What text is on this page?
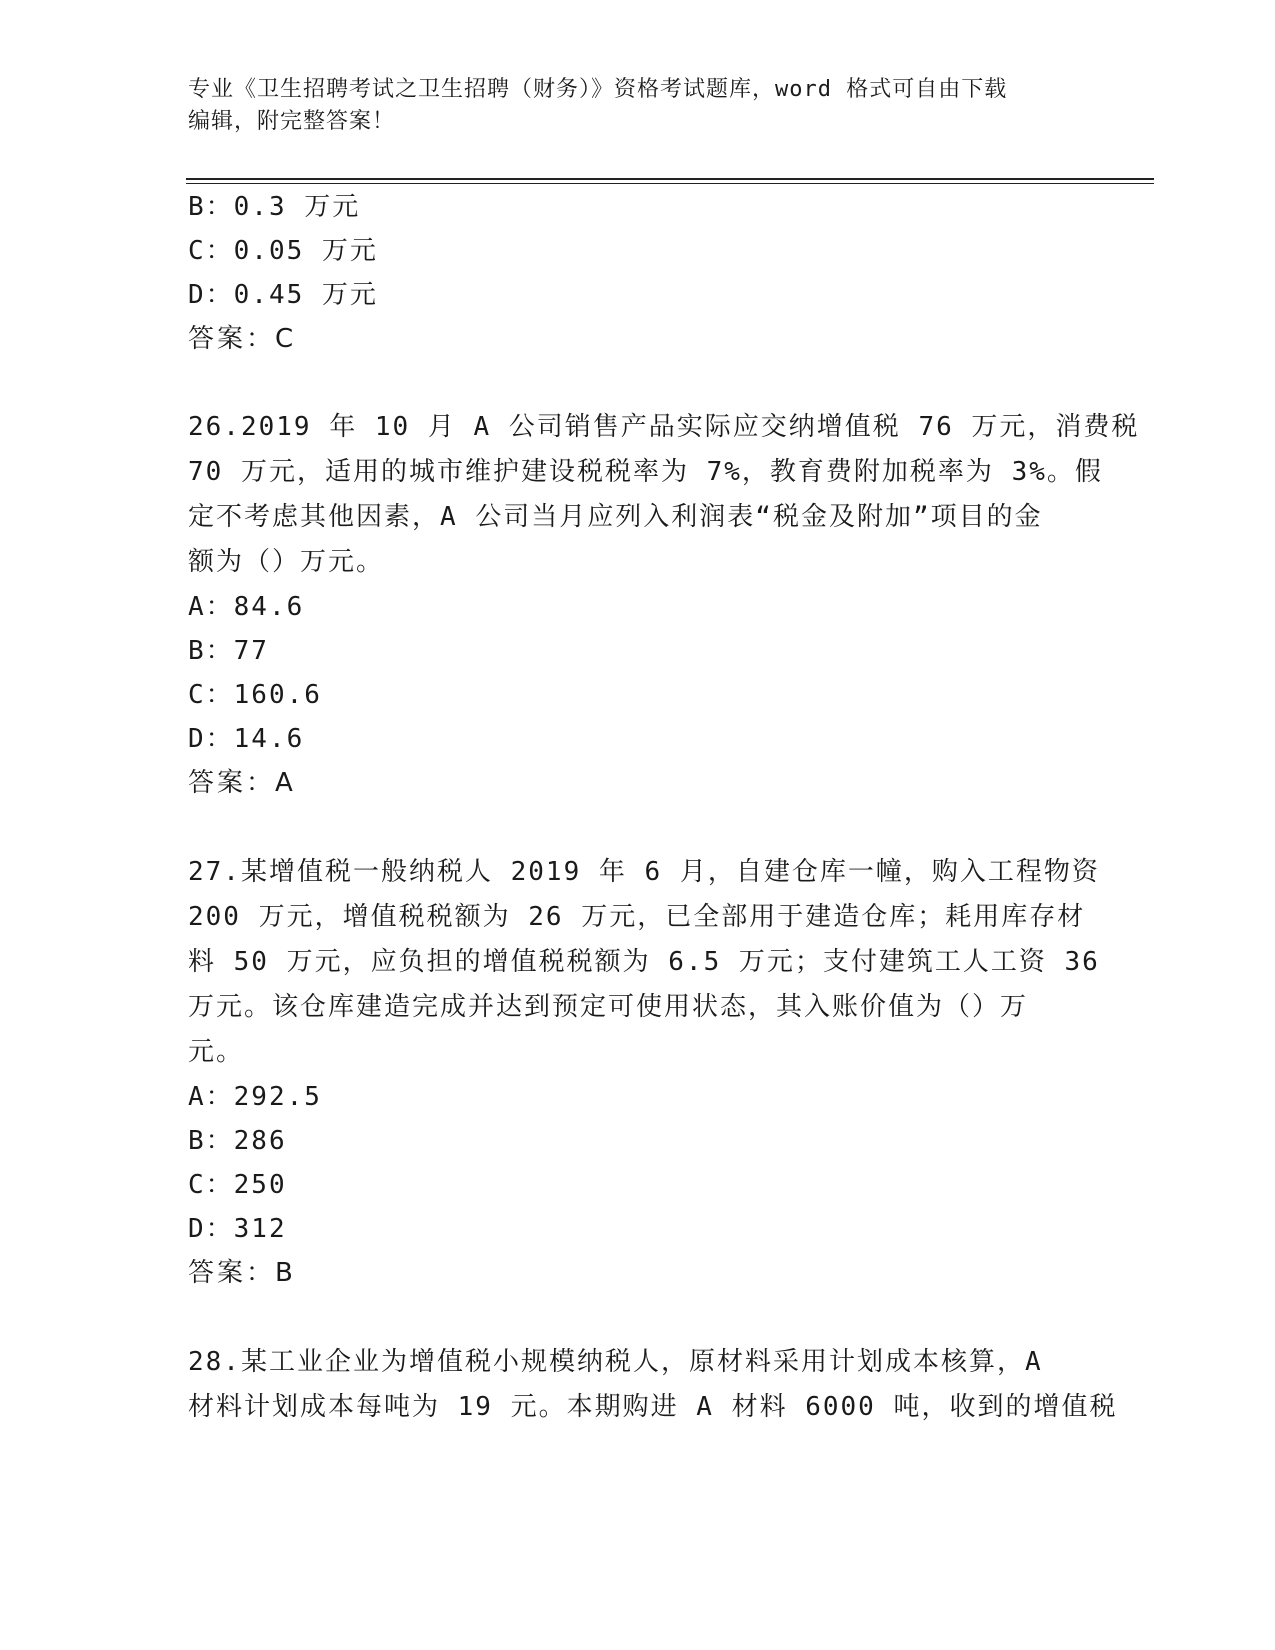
专业《卫生招聘考试之卫生招聘（财务）》资格考试题库，word 格式可自由下载
编辑，附完整答案！
B：0.3 万元
C：0.05 万元
D：0.45 万元
答案：C
26.2019 年 10 月 A 公司销售产品实际应交纳增值税 76 万元，消费税
70 万元，适用的城市维护建设税税率为 7%，教育费附加税率为 3%。假
定不考虑其他因素，A 公司当月应列入利润表“税金及附加”项目的金
额为（）万元。
A：84.6
B：77
C：160.6
D：14.6
答案：A
27.某增值税一般纳税人 2019 年 6 月，自建仓库一幢，购入工程物资
200 万元，增值税税额为 26 万元，已全部用于建造仓库；耗用库存材
料 50 万元，应负担的增值税税额为 6.5 万元；支付建筑工人工资 36
万元。该仓库建造完成并达到预定可使用状态，其入账价值为（）万
元。
A：292.5
B：286
C：250
D：312
答案：B
28.某工业企业为增值税小规模纳税人，原材料采用计划成本核算，A
材料计划成本每吨为 19 元。本期购进 A 材料 6000 吨，收到的增值税
